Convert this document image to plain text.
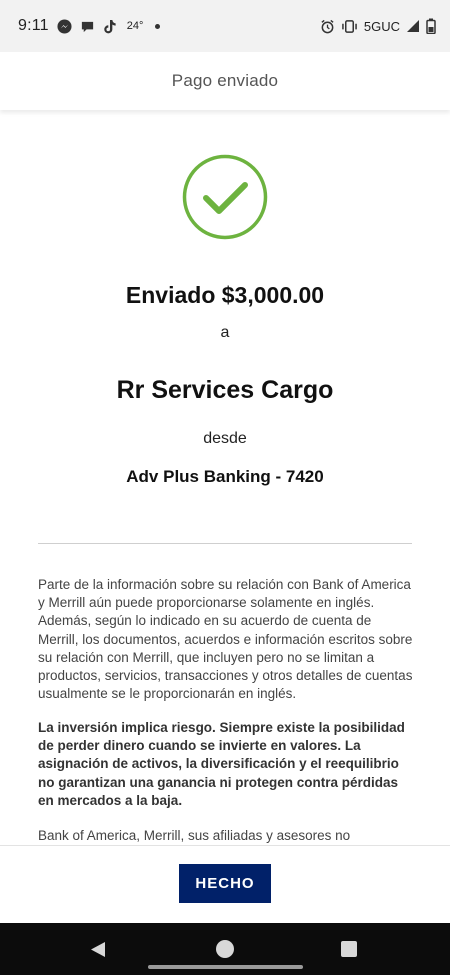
9:11	24°	5GUC
Pago enviado
Enviado $3,000.00
a
Rr Services Cargo
desde
Adv Plus Banking - 7420

Parte de la información sobre su relación con Bank of America y Merrill aún puede proporcionarse solamente en inglés. Además, según lo indicado en su acuerdo de cuenta de Merrill, los documentos, acuerdos e información escritos sobre su relación con Merrill, que incluyen pero no se limitan a productos, servicios, transacciones y otros detalles de cuentas usualmente se le proporcionarán en inglés.

La inversión implica riesgo. Siempre existe la posibilidad de perder dinero cuando se invierte en valores. La asignación de activos, la diversificación y el reequilibrio no garantizan una ganancia ni protegen contra pérdidas en mercados a la baja.

Bank of America, Merrill, sus afiliadas y asesores no

HECHO
